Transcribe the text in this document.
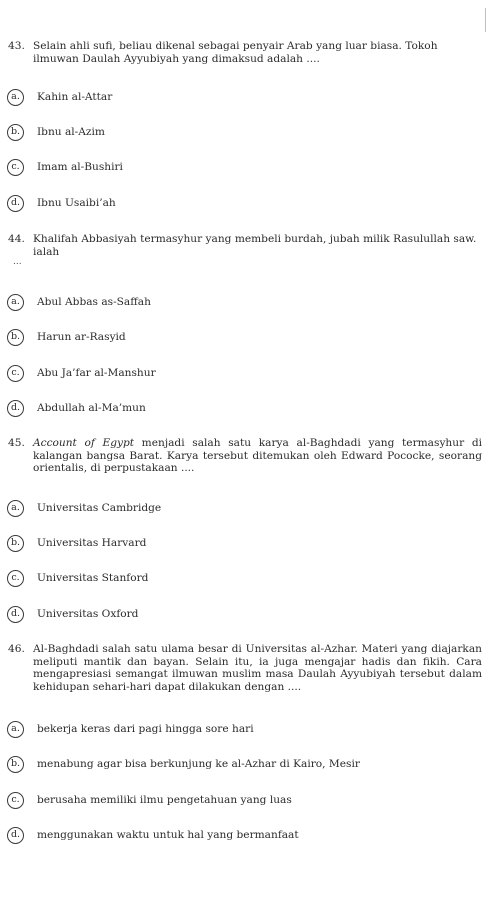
43. Selain ahli sufi, beliau dikenal sebagai penyair Arab yang luar biasa. Tokoh ilmuwan Daulah Ayyubiyah yang dimaksud adalah ....
a.	Kahin al-Attar
b.	Ibnu al-Azim
c.	Imam al-Bushiri
d.	Ibnu Usaibi’ah
44. Khalifah Abbasiyah termasyhur yang membeli burdah, jubah milik Rasulullah saw. ialah
...
a.	Abul Abbas as-Saffah
b.	Harun ar-Rasyid
c.	Abu Ja’far al-Manshur
d.	Abdullah al-Ma’mun
45. Account of Egypt menjadi salah satu karya al-Baghdadi yang termasyhur di kalangan bangsa Barat. Karya tersebut ditemukan oleh Edward Pococke, seorang orientalis, di perpustakaan ....
a.	Universitas Cambridge
b.	Universitas Harvard
c.	Universitas Stanford
d.	Universitas Oxford
46. Al-Baghdadi salah satu ulama besar di Universitas al-Azhar. Materi yang diajarkan meliputi mantik dan bayan. Selain itu, ia juga mengajar hadis dan fikih. Cara mengapresiasi semangat ilmuwan muslim masa Daulah Ayyubiyah tersebut dalam kehidupan sehari-hari dapat dilakukan dengan ....
a.	bekerja keras dari pagi hingga sore hari
b.	menabung agar bisa berkunjung ke al-Azhar di Kairo, Mesir
c.	berusaha memiliki ilmu pengetahuan yang luas
d.	menggunakan waktu untuk hal yang bermanfaat
